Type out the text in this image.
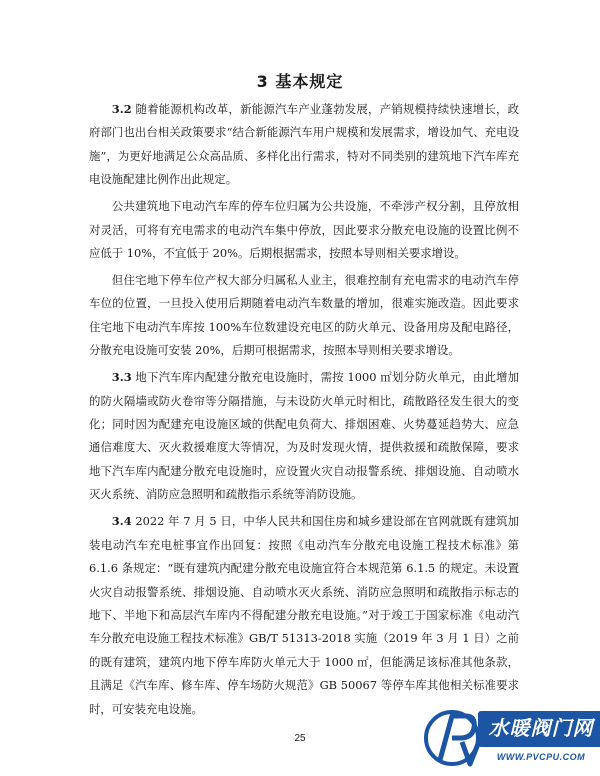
3 基本规定

3.2 随着能源机构改革，新能源汽车产业蓬勃发展，产销规模持续快速增长，政府部门也出台相关政策要求“结合新能源汽车用户规模和发展需求，增设加气、充电设施”，为更好地满足公众高品质、多样化出行需求，特对不同类别的建筑地下汽车库充电设施配建比例作出此规定。

公共建筑地下电动汽车库的停车位归属为公共设施，不牵涉产权分割，且停放相对灵活，可将有充电需求的电动汽车集中停放，因此要求分散充电设施的设置比例不应低于 10%，不宜低于 20%。后期根据需求，按照本导则相关要求增设。

但住宅地下停车位产权大部分归属私人业主，很难控制有充电需求的电动汽车停车位的位置，一旦投入使用后期随着电动汽车数量的增加，很难实施改造。因此要求住宅地下电动汽车库按 100%车位数建设充电区的防火单元、设备用房及配电路径，分散充电设施可安装 20%，后期可根据需求，按照本导则相关要求增设。

3.3 地下汽车库内配建分散充电设施时，需按 1000 ㎡划分防火单元，由此增加的防火隔墙或防火卷帘等分隔措施，与未设防火单元时相比，疏散路径发生很大的变化；同时因为配建充电设施区域的供配电负荷大、排烟困难、火势蔓延趋势大、应急通信难度大、灭火救援难度大等情况，为及时发现火情，提供救援和疏散保障，要求地下汽车库内配建分散充电设施时，应设置火灾自动报警系统、排烟设施、自动喷水灭火系统、消防应急照明和疏散指示系统等消防设施。

3.4 2022 年 7 月 5 日，中华人民共和国住房和城乡建设部在官网就既有建筑加装电动汽车充电桩事宜作出回复：按照《电动汽车分散充电设施工程技术标准》第 6.1.6 条规定：“既有建筑内配建分散充电设施宜符合本规范第 6.1.5 的规定。未设置火灾自动报警系统、排烟设施、自动喷水灭火系统、消防应急照明和疏散指示标志的地下、半地下和高层汽车库内不得配建分散充电设施。”对于竣工于国家标准《电动汽车分散充电设施工程技术标准》GB/T 51313-2018 实施（2019 年 3 月 1 日）之前的既有建筑，建筑内地下停车库防火单元大于 1000 ㎡，但能满足该标准其他条款，且满足《汽车库、修车库、停车场防火规范》GB 50067 等停车库其他相关标准要求时，可安装充电设施。

25	水暖阀门网
WWW.PVCPU.COM
